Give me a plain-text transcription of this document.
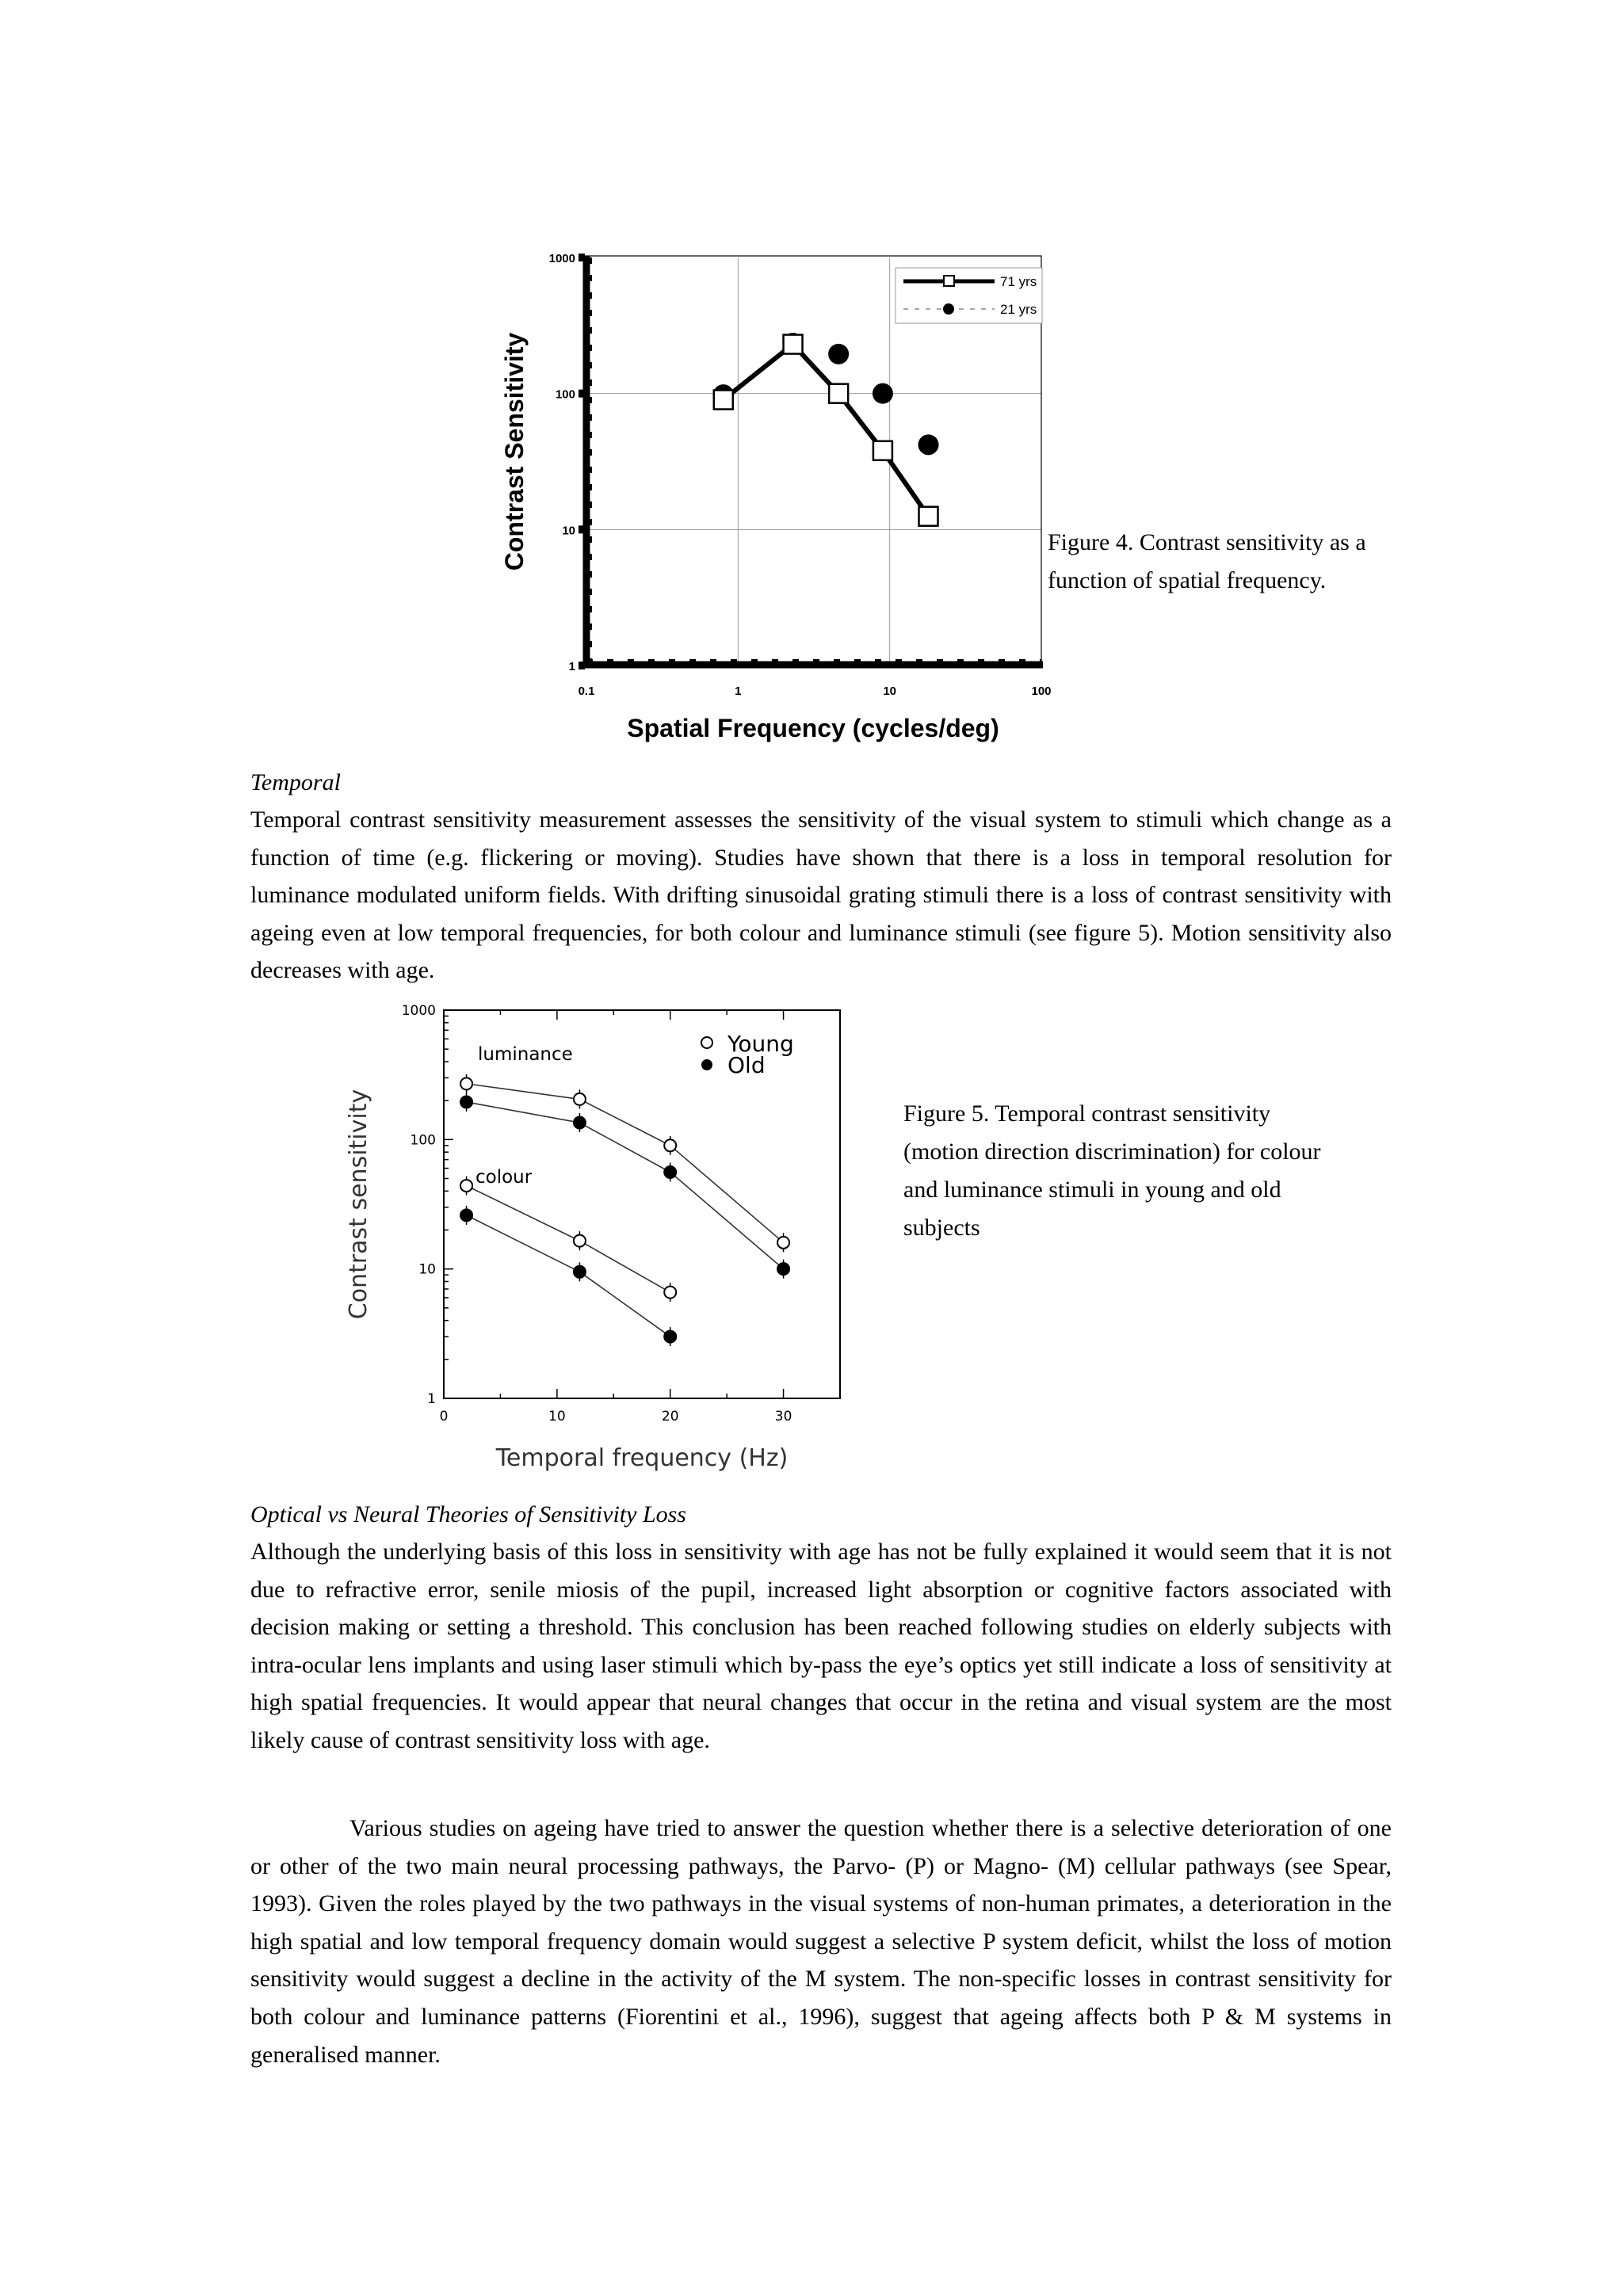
1
10
100
1000
0.1	1	10	100
71 yrs
21 yrs
Contrast Sensitivity
Spatial Frequency (cycles/deg)
Figure 4. Contrast sensitivity as a function of spatial frequency.
Temporal
Temporal contrast sensitivity measurement assesses the sensitivity of the visual system to stimuli which change as a function of time (e.g. flickering or moving). Studies have shown that there is a loss in temporal resolution for luminance modulated uniform fields. With drifting sinusoidal grating stimuli there is a loss of contrast sensitivity with ageing even at low temporal frequencies, for both colour and luminance stimuli (see figure 5). Motion sensitivity also decreases with age.
1
10
100
1000
0	10	20	30
luminance
colour
Young
Old
Contrast sensitivity
Temporal frequency (Hz)
Figure 5. Temporal contrast sensitivity (motion direction discrimination) for colour and luminance stimuli in young and old subjects
Optical vs Neural Theories of Sensitivity Loss
Although the underlying basis of this loss in sensitivity with age has not be fully explained it would seem that it is not due to refractive error, senile miosis of the pupil, increased light absorption or cognitive factors associated with decision making or setting a threshold. This conclusion has been reached following studies on elderly subjects with intra-ocular lens implants and using laser stimuli which by-pass the eye’s optics yet still indicate a loss of sensitivity at high spatial frequencies. It would appear that neural changes that occur in the retina and visual system are the most likely cause of contrast sensitivity loss with age.
Various studies on ageing have tried to answer the question whether there is a selective deterioration of one or other of the two main neural processing pathways, the Parvo- (P) or Magno- (M) cellular pathways (see Spear, 1993). Given the roles played by the two pathways in the visual systems of non-human primates, a deterioration in the high spatial and low temporal frequency domain would suggest a selective P system deficit, whilst the loss of motion sensitivity would suggest a decline in the activity of the M system. The non-specific losses in contrast sensitivity for both colour and luminance patterns (Fiorentini et al., 1996), suggest that ageing affects both P & M systems in generalised manner.
